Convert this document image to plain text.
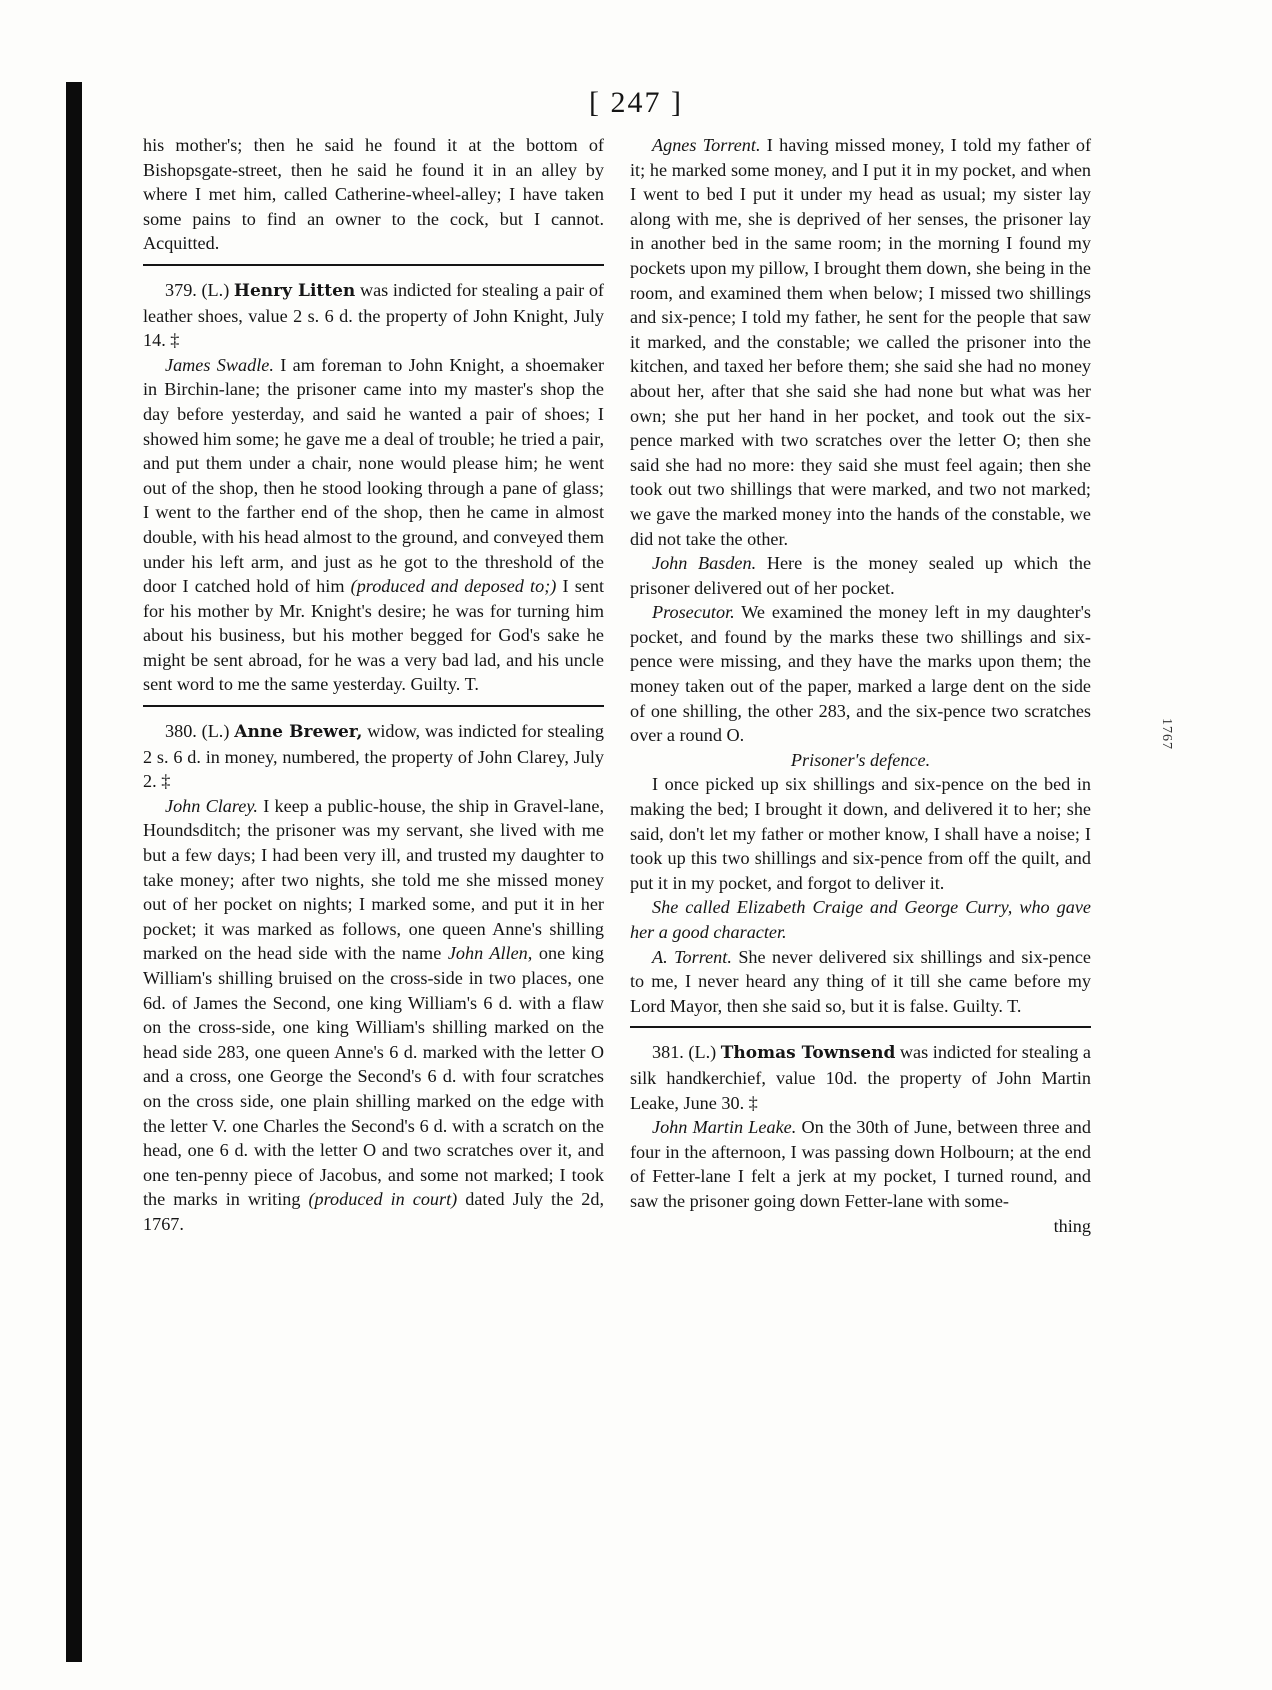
[ 247 ]

his mother's; then he said he found it at the bottom of Bishopsgate-street, then he said he found it in an alley by where I met him, called Catherine-wheel-alley; I have taken some pains to find an owner to the cock, but I cannot. Acquitted.

379. (L.) Henry Litten was indicted for stealing a pair of leather shoes, value 2 s. 6 d. the property of John Knight, July 14. ‡

James Swadle. I am foreman to John Knight, a shoemaker in Birchin-lane; the prisoner came into my master's shop the day before yesterday, and said he wanted a pair of shoes; I showed him some; he gave me a deal of trouble; he tried a pair, and put them under a chair, none would please him; he went out of the shop, then he stood looking through a pane of glass; I went to the farther end of the shop, then he came in almost double, with his head almost to the ground, and conveyed them under his left arm, and just as he got to the threshold of the door I catched hold of him (produced and deposed to;) I sent for his mother by Mr. Knight's desire; he was for turning him about his business, but his mother begged for God's sake he might be sent abroad, for he was a very bad lad, and his uncle sent word to me the same yesterday. Guilty. T.

380. (L.) Anne Brewer, widow, was indicted for stealing 2 s. 6 d. in money, numbered, the property of John Clarey, July 2. ‡

John Clarey. I keep a public-house, the ship in Gravel-lane, Houndsditch; the prisoner was my servant, she lived with me but a few days; I had been very ill, and trusted my daughter to take money; after two nights, she told me she missed money out of her pocket on nights; I marked some, and put it in her pocket; it was marked as follows, one queen Anne's shilling marked on the head side with the name John Allen, one king William's shilling bruised on the cross-side in two places, one 6d. of James the Second, one king William's 6 d. with a flaw on the cross-side, one king William's shilling marked on the head side 283, one queen Anne's 6 d. marked with the letter O and a cross, one George the Second's 6 d. with four scratches on the cross side, one plain shilling marked on the edge with the letter V. one Charles the Second's 6 d. with a scratch on the head, one 6 d. with the letter O and two scratches over it, and one ten-penny piece of Jacobus, and some not marked; I took the marks in writing (produced in court) dated July the 2d, 1767.

Agnes Torrent. I having missed money, I told my father of it; he marked some money, and I put it in my pocket, and when I went to bed I put it under my head as usual; my sister lay along with me, she is deprived of her senses, the prisoner lay in another bed in the same room; in the morning I found my pockets upon my pillow, I brought them down, she being in the room, and examined them when below; I missed two shillings and six-pence; I told my father, he sent for the people that saw it marked, and the constable; we called the prisoner into the kitchen, and taxed her before them; she said she had no money about her, after that she said she had none but what was her own; she put her hand in her pocket, and took out the six-pence marked with two scratches over the letter O; then she said she had no more: they said she must feel again; then she took out two shillings that were marked, and two not marked; we gave the marked money into the hands of the constable, we did not take the other.

John Basden. Here is the money sealed up which the prisoner delivered out of her pocket.

Prosecutor. We examined the money left in my daughter's pocket, and found by the marks these two shillings and six-pence were missing, and they have the marks upon them; the money taken out of the paper, marked a large dent on the side of one shilling, the other 283, and the six-pence two scratches over a round O.

Prisoner's defence.

I once picked up six shillings and six-pence on the bed in making the bed; I brought it down, and delivered it to her; she said, don't let my father or mother know, I shall have a noise; I took up this two shillings and six-pence from off the quilt, and put it in my pocket, and forgot to deliver it.

She called Elizabeth Craige and George Curry, who gave her a good character.

A. Torrent. She never delivered six shillings and six-pence to me, I never heard any thing of it till she came before my Lord Mayor, then she said so, but it is false. Guilty. T.

381. (L.) Thomas Townsend was indicted for stealing a silk handkerchief, value 10d. the property of John Martin Leake, June 30. ‡

John Martin Leake. On the 30th of June, between three and four in the afternoon, I was passing down Holbourn; at the end of Fetter-lane I felt a jerk at my pocket, I turned round, and saw the prisoner going down Fetter-lane with some-

thing

1767
